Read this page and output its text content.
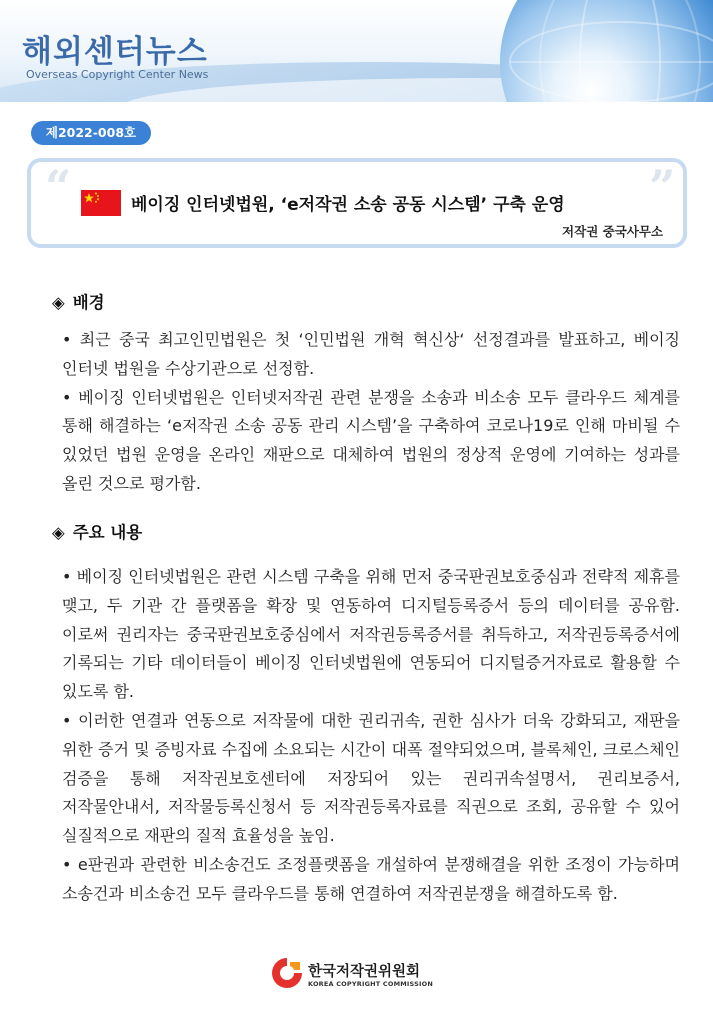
해외센터뉴스
Overseas Copyright Center News
제2022-008호
“	”
베이징 인터넷법원, ‘e저작권 소송 공동 시스템’ 구축 운영
저작권 중국사무소
◈ 배경
• 최근 중국 최고인민법원은 첫 ‘인민법원 개혁 혁신상‘ 선정결과를 발표하고, 베이징 인터넷 법원을 수상기관으로 선정함.
• 베이징 인터넷법원은 인터넷저작권 관련 분쟁을 소송과 비소송 모두 클라우드 체계를 통해 해결하는 ‘e저작권 소송 공동 관리 시스템’을 구축하여 코로나19로 인해 마비될 수 있었던 법원 운영을 온라인 재판으로 대체하여 법원의 정상적 운영에 기여하는 성과를 올린 것으로 평가함.
◈ 주요 내용
• 베이징 인터넷법원은 관련 시스템 구축을 위해 먼저 중국판권보호중심과 전략적 제휴를 맺고, 두 기관 간 플랫폼을 확장 및 연동하여 디지털등록증서 등의 데이터를 공유함. 이로써 권리자는 중국판권보호중심에서 저작권등록증서를 취득하고, 저작권등록증서에 기록되는 기타 데이터들이 베이징 인터넷법원에 연동되어 디지털증거자료로 활용할 수 있도록 함.
• 이러한 연결과 연동으로 저작물에 대한 권리귀속, 권한 심사가 더욱 강화되고, 재판을 위한 증거 및 증빙자료 수집에 소요되는 시간이 대폭 절약되었으며, 블록체인, 크로스체인 검증을 통해 저작권보호센터에 저장되어 있는 권리귀속설명서, 권리보증서, 저작물안내서, 저작물등록신청서 등 저작권등록자료를 직권으로 조회, 공유할 수 있어 실질적으로 재판의 질적 효율성을 높임.
• e판권과 관련한 비소송건도 조정플랫폼을 개설하여 분쟁해결을 위한 조정이 가능하며 소송건과 비소송건 모두 클라우드를 통해 연결하여 저작권분쟁을 해결하도록 함.
한국저작권위원회
KOREA COPYRIGHT COMMISSION
